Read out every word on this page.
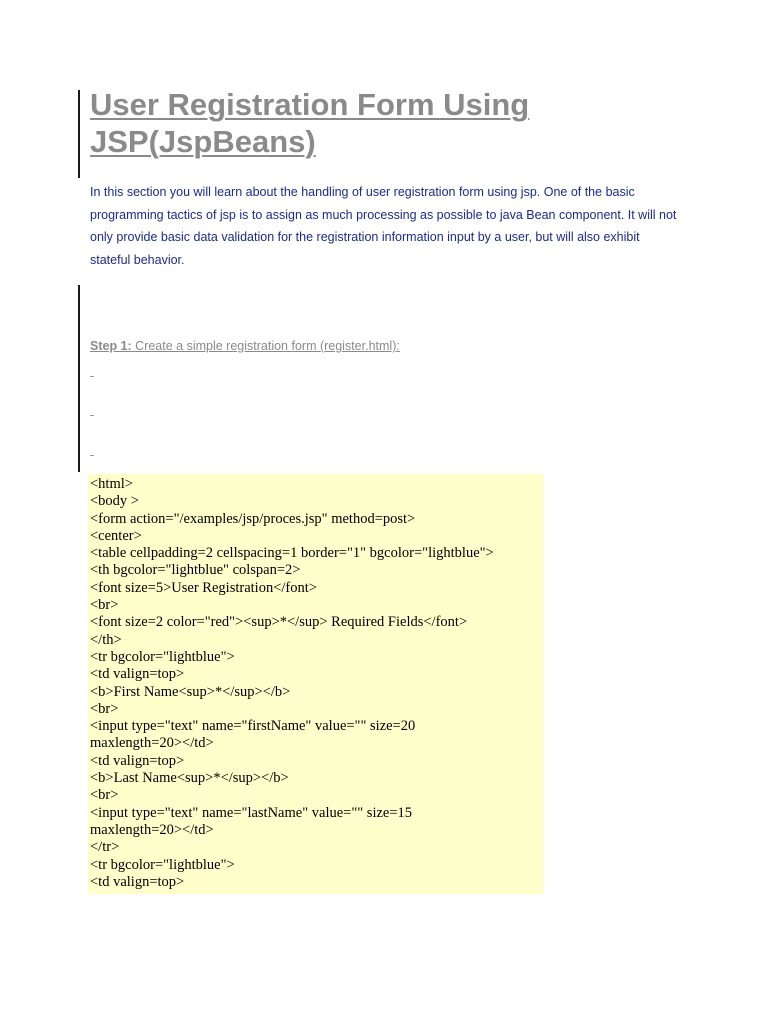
User Registration Form Using
JSP(JspBeans)

In this section you will learn about the handling of user registration form using jsp. One of the basic programming tactics of jsp is to assign as much processing as possible to java Bean component. It will not only provide basic data validation for the registration information input by a user, but will also exhibit stateful behavior.

Step 1: Create a simple registration form (register.html):

<html>
<body >
<form action="/examples/jsp/proces.jsp" method=post>
<center>
<table cellpadding=2 cellspacing=1 border="1" bgcolor="lightblue">
<th bgcolor="lightblue" colspan=2>
<font size=5>User Registration</font>
<br>
<font size=2 color="red"><sup>*</sup> Required Fields</font>
</th>
<tr bgcolor="lightblue">
<td valign=top>
<b>First Name<sup>*</sup></b>
<br>
<input type="text" name="firstName" value="" size=20
maxlength=20></td>
<td valign=top>
<b>Last Name<sup>*</sup></b>
<br>
<input type="text" name="lastName" value="" size=15
maxlength=20></td>
</tr>
<tr bgcolor="lightblue">
<td valign=top>
